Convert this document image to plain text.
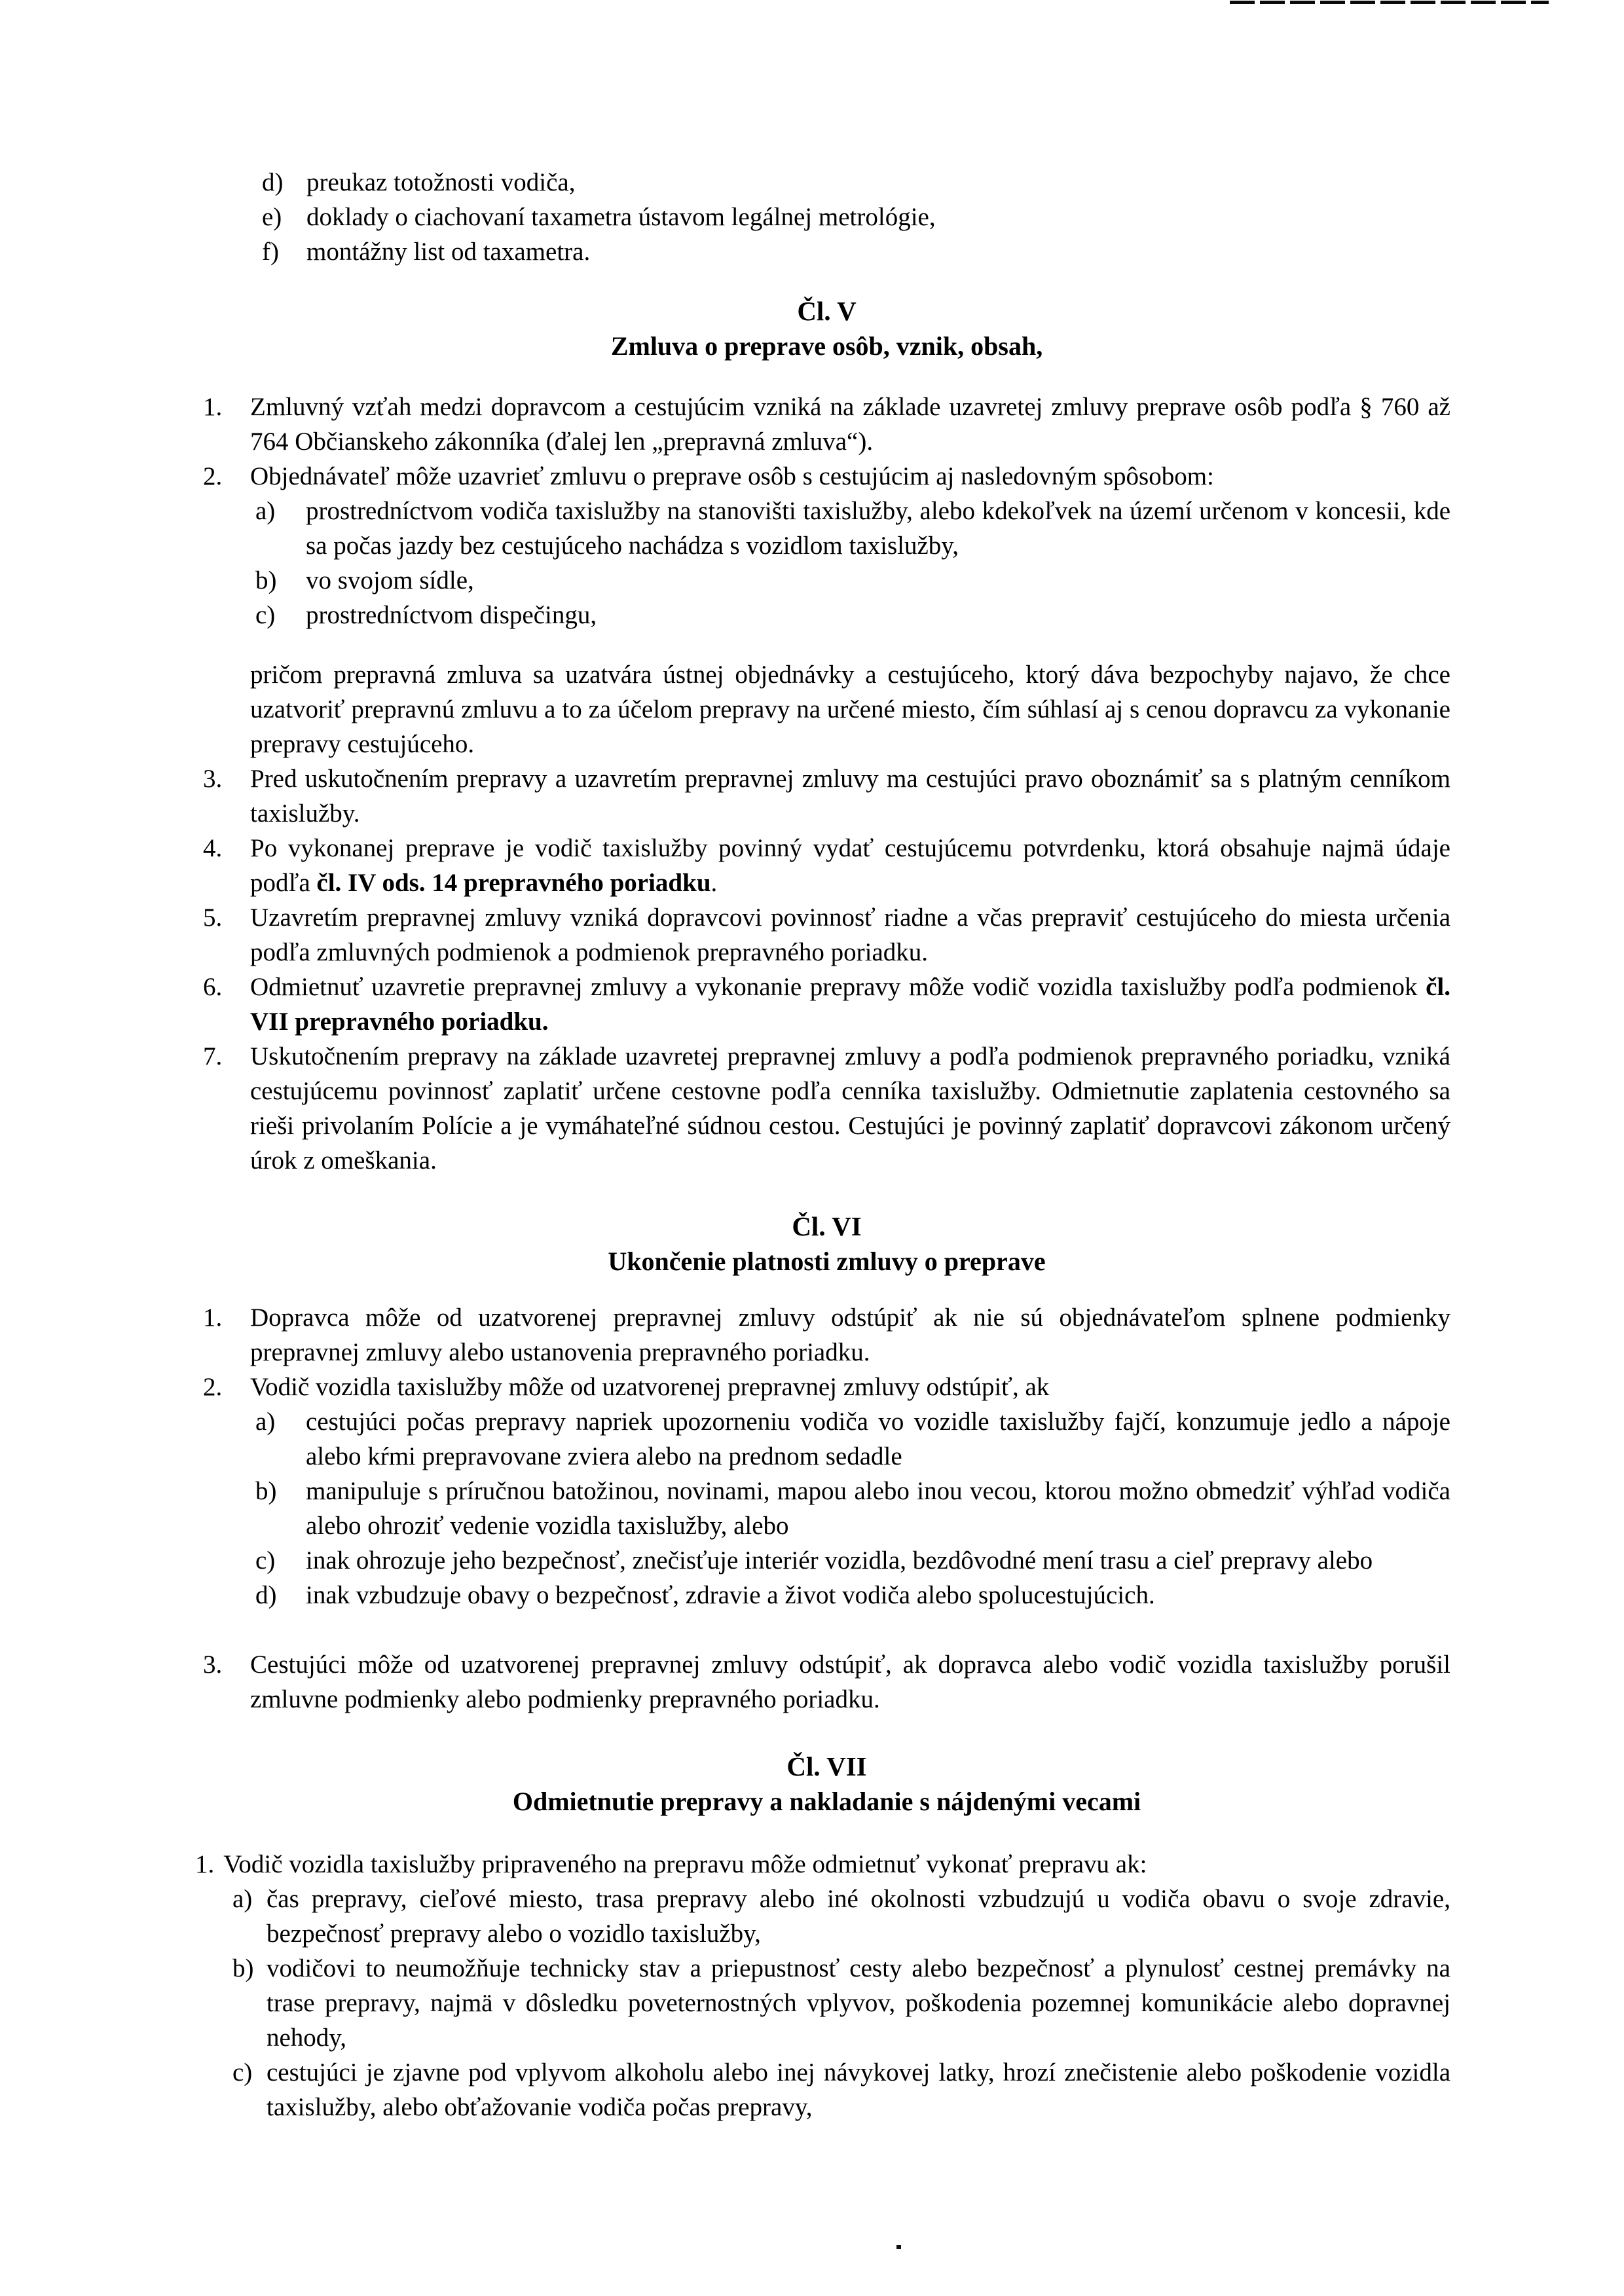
d) preukaz totožnosti vodiča,
e) doklady o ciachovaní taxametra ústavom legálnej metrológie,
f) montážny list od taxametra.
Čl. V
Zmluva o preprave osôb, vznik, obsah,
1. Zmluvný vzťah medzi dopravcom a cestujúcim vzniká na základe uzavretej zmluvy preprave osôb podľa § 760 až 764 Občianskeho zákonníka (ďalej len „prepravná zmluva“).
2. Objednávateľ môže uzavrieť zmluvu o preprave osôb s cestujúcim aj nasledovným spôsobom:
a) prostredníctvom vodiča taxislužby na stanovišti taxislužby, alebo kdekoľvek na území určenom v koncesii, kde sa počas jazdy bez cestujúceho nachádza s vozidlom taxislužby,
b) vo svojom sídle,
c) prostredníctvom dispečingu,
pričom prepravná zmluva sa uzatvára ústnej objednávky a cestujúceho, ktorý dáva bezpochyby najavo, že chce uzatvoriť prepravnú zmluvu a to za účelom prepravy na určené miesto, čím súhlasí aj s cenou dopravcu za vykonanie prepravy cestujúceho.
3. Pred uskutočnením prepravy a uzavretím prepravnej zmluvy ma cestujúci pravo oboznámiť sa s platným cenníkom taxislužby.
4. Po vykonanej preprave je vodič taxislužby povinný vydať cestujúcemu potvrdenku, ktorá obsahuje najmä údaje podľa čl. IV ods. 14 prepravného poriadku.
5. Uzavretím prepravnej zmluvy vzniká dopravcovi povinnosť riadne a včas prepraviť cestujúceho do miesta určenia podľa zmluvných podmienok a podmienok prepravného poriadku.
6. Odmietnuť uzavretie prepravnej zmluvy a vykonanie prepravy môže vodič vozidla taxislužby podľa podmienok čl. VII prepravného poriadku.
7. Uskutočnením prepravy na základe uzavretej prepravnej zmluvy a podľa podmienok prepravného poriadku, vzniká cestujúcemu povinnosť zaplatiť určene cestovne podľa cenníka taxislužby. Odmietnutie zaplatenia cestovného sa rieši privolaním Polície a je vymáhateľné súdnou cestou. Cestujúci je povinný zaplatiť dopravcovi zákonom určený úrok z omeškania.
Čl. VI
Ukončenie platnosti zmluvy o preprave
1. Dopravca môže od uzatvorenej prepravnej zmluvy odstúpiť ak nie sú objednávateľom splnene podmienky prepravnej zmluvy alebo ustanovenia prepravného poriadku.
2. Vodič vozidla taxislužby môže od uzatvorenej prepravnej zmluvy odstúpiť, ak
a) cestujúci počas prepravy napriek upozorneniu vodiča vo vozidle taxislužby fajčí, konzumuje jedlo a nápoje alebo kŕmi prepravovane zviera alebo na prednom sedadle
b) manipuluje s príručnou batožinou, novinami, mapou alebo inou vecou, ktorou možno obmedziť výhľad vodiča alebo ohroziť vedenie vozidla taxislužby, alebo
c) inak ohrozuje jeho bezpečnosť, znečisťuje interiér vozidla, bezdôvodné mení trasu a cieľ prepravy alebo
d) inak vzbudzuje obavy o bezpečnosť, zdravie a život vodiča alebo spolucestujúcich.
3. Cestujúci môže od uzatvorenej prepravnej zmluvy odstúpiť, ak dopravca alebo vodič vozidla taxislužby porušil zmluvne podmienky alebo podmienky prepravného poriadku.
Čl. VII
Odmietnutie prepravy a nakladanie s nájdenými vecami
1. Vodič vozidla taxislužby pripraveného na prepravu môže odmietnuť vykonať prepravu ak:
a) čas prepravy, cieľové miesto, trasa prepravy alebo iné okolnosti vzbudzujú u vodiča obavu o svoje zdravie, bezpečnosť prepravy alebo o vozidlo taxislužby,
b) vodičovi to neumožňuje technicky stav a priepustnosť cesty alebo bezpečnosť a plynulosť cestnej premávky na trase prepravy, najmä v dôsledku poveternostných vplyvov, poškodenia pozemnej komunikácie alebo dopravnej nehody,
c) cestujúci je zjavne pod vplyvom alkoholu alebo inej návykovej latky, hrozí znečistenie alebo poškodenie vozidla taxislužby, alebo obťažovanie vodiča počas prepravy,
